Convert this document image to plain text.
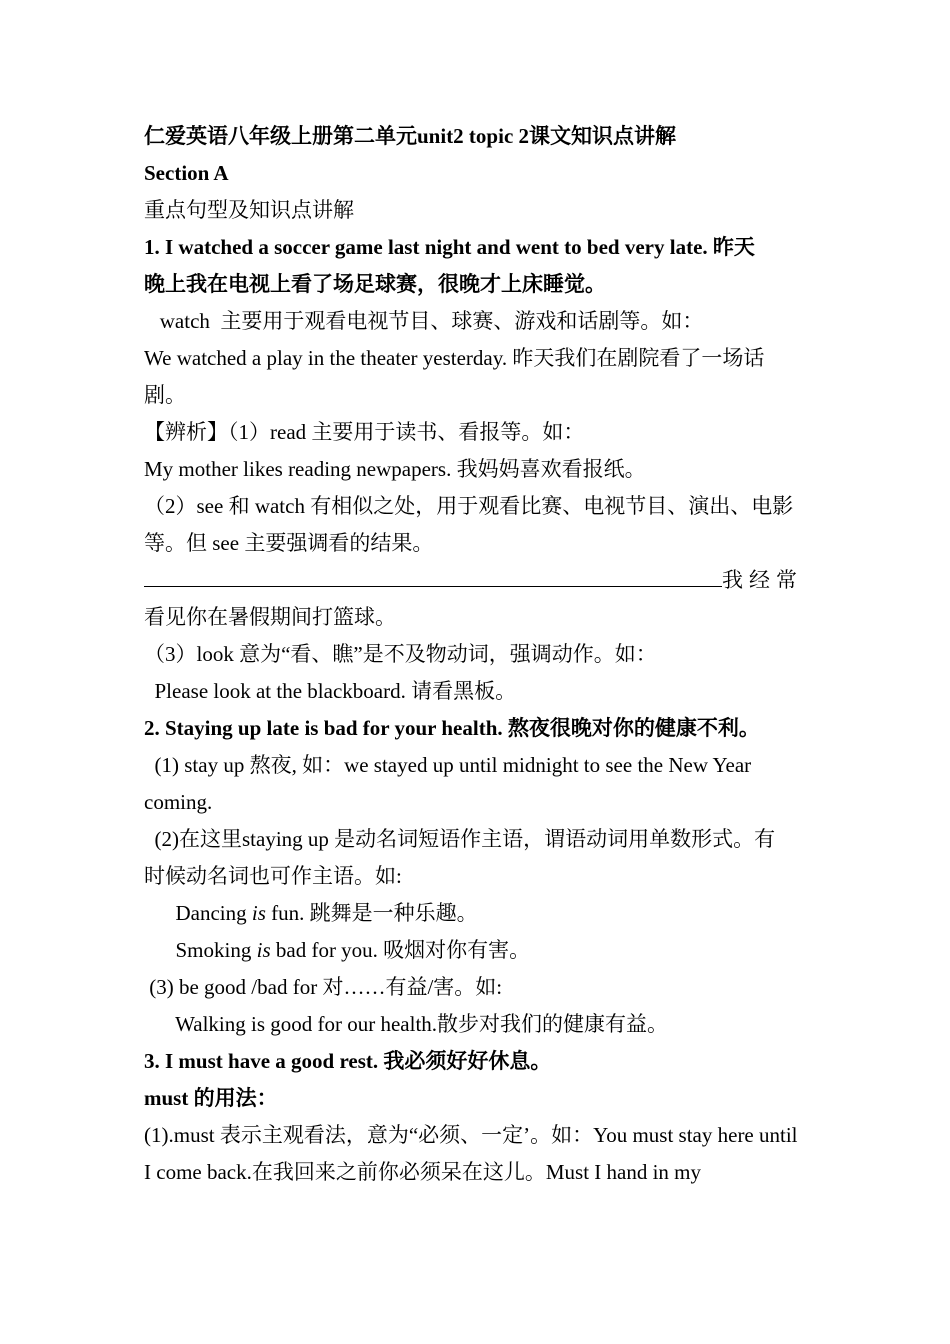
仁爱英语八年级上册第二单元unit2 topic 2课文知识点讲解
Section A
重点句型及知识点讲解
1. I watched a soccer game last night and went to bed very late. 昨天
晚上我在电视上看了场足球赛，很晚才上床睡觉。
watch  主要用于观看电视节目、球赛、游戏和话剧等。如：
We watched a play in the theater yesterday. 昨天我们在剧院看了一场话
剧。
【辨析】（1）read 主要用于读书、看报等。如：
My mother likes reading newpapers. 我妈妈喜欢看报纸。
（2）see 和 watch 有相似之处，用于观看比赛、电视节目、演出、电影
等。但 see 主要强调看的结果。
我经常
看见你在暑假期间打篮球。
（3）look 意为“看、瞧”是不及物动词，强调动作。如：
Please look at the blackboard. 请看黑板。
2. Staying up late is bad for your health. 熬夜很晚对你的健康不利。
(1) stay up 熬夜, 如：we stayed up until midnight to see the New Year
coming.
(2)在这里staying up 是动名词短语作主语，谓语动词用单数形式。有
时候动名词也可作主语。如:
Dancing is fun. 跳舞是一种乐趣。
Smoking is bad for you. 吸烟对你有害。
(3) be good /bad for 对……有益/害。如:
Walking is good for our health.散步对我们的健康有益。
3. I must have a good rest. 我必须好好休息。
must 的用法：
(1).must 表示主观看法，意为“必须、一定’。如：You must stay here until
I come back.在我回来之前你必须呆在这儿。Must I hand in my
